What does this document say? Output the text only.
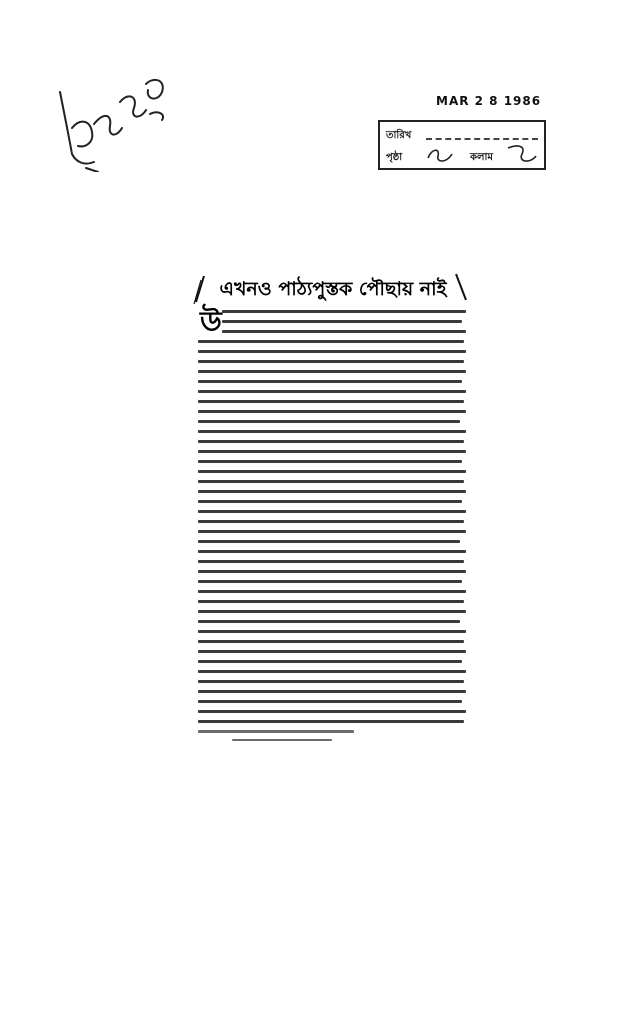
MAR 2 8 1986
তারিখ
পৃষ্ঠা	কলাম
এখনও পাঠ্যপুস্তক পৌছায় নাই
উ
